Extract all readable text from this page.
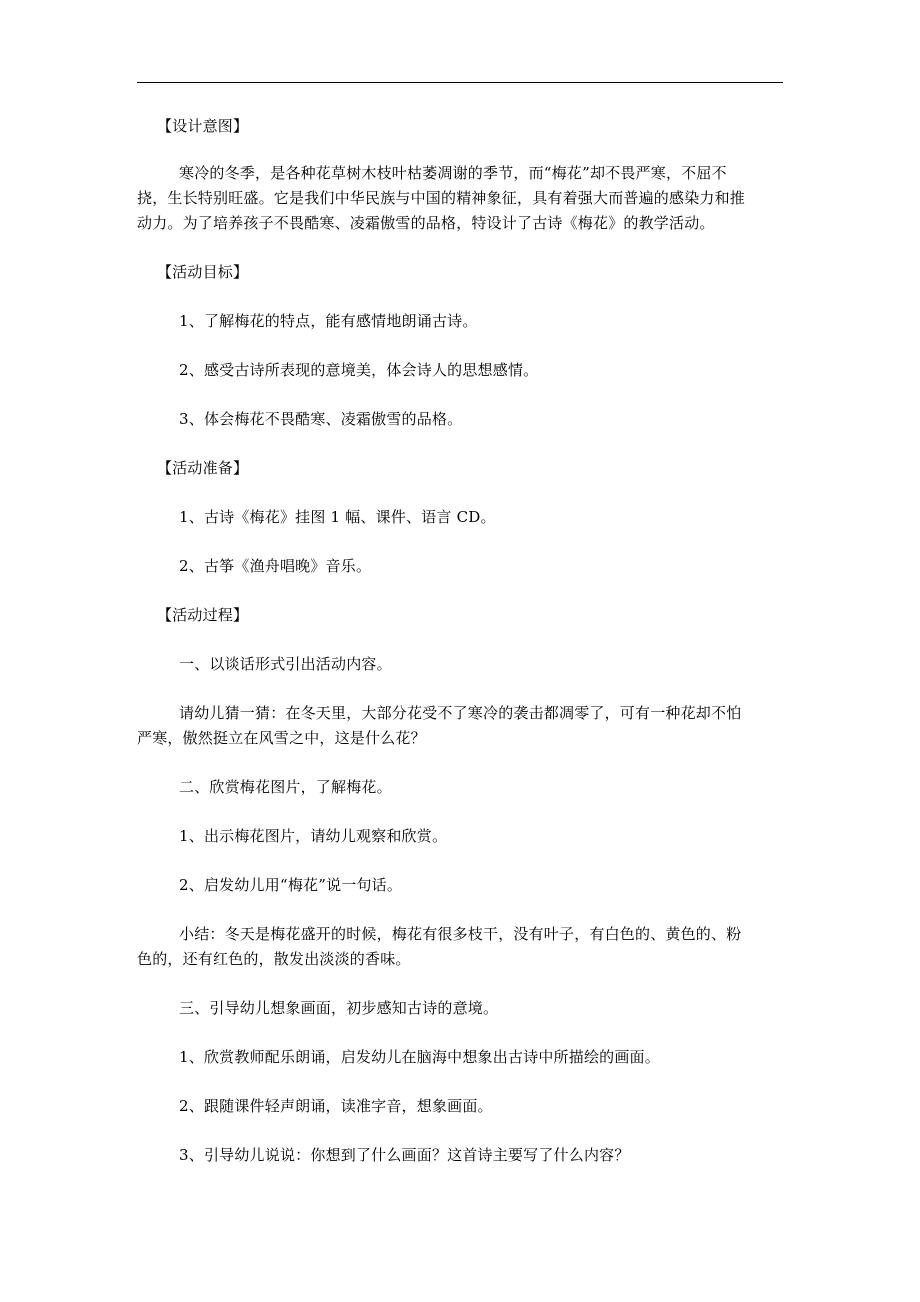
【设计意图】
寒冷的冬季，是各种花草树木枝叶枯萎凋谢的季节，而“梅花”却不畏严寒，不屈不
挠，生长特别旺盛。它是我们中华民族与中国的精神象征，具有着强大而普遍的感染力和推
动力。为了培养孩子不畏酷寒、凌霜傲雪的品格，特设计了古诗《梅花》的教学活动。
【活动目标】
1、了解梅花的特点，能有感情地朗诵古诗。
2、感受古诗所表现的意境美，体会诗人的思想感情。
3、体会梅花不畏酷寒、凌霜傲雪的品格。
【活动准备】
1、古诗《梅花》挂图 1 幅、课件、语言 CD。
2、古筝《渔舟唱晚》音乐。
【活动过程】
一、以谈话形式引出活动内容。
请幼儿猜一猜：在冬天里，大部分花受不了寒冷的袭击都凋零了，可有一种花却不怕
严寒，傲然挺立在风雪之中，这是什么花？
二、欣赏梅花图片，了解梅花。
1、出示梅花图片，请幼儿观察和欣赏。
2、启发幼儿用“梅花”说一句话。
小结：冬天是梅花盛开的时候，梅花有很多枝干，没有叶子，有白色的、黄色的、粉
色的，还有红色的，散发出淡淡的香味。
三、引导幼儿想象画面，初步感知古诗的意境。
1、欣赏教师配乐朗诵，启发幼儿在脑海中想象出古诗中所描绘的画面。
2、跟随课件轻声朗诵，读准字音，想象画面。
3、引导幼儿说说：你想到了什么画面？这首诗主要写了什么内容？
